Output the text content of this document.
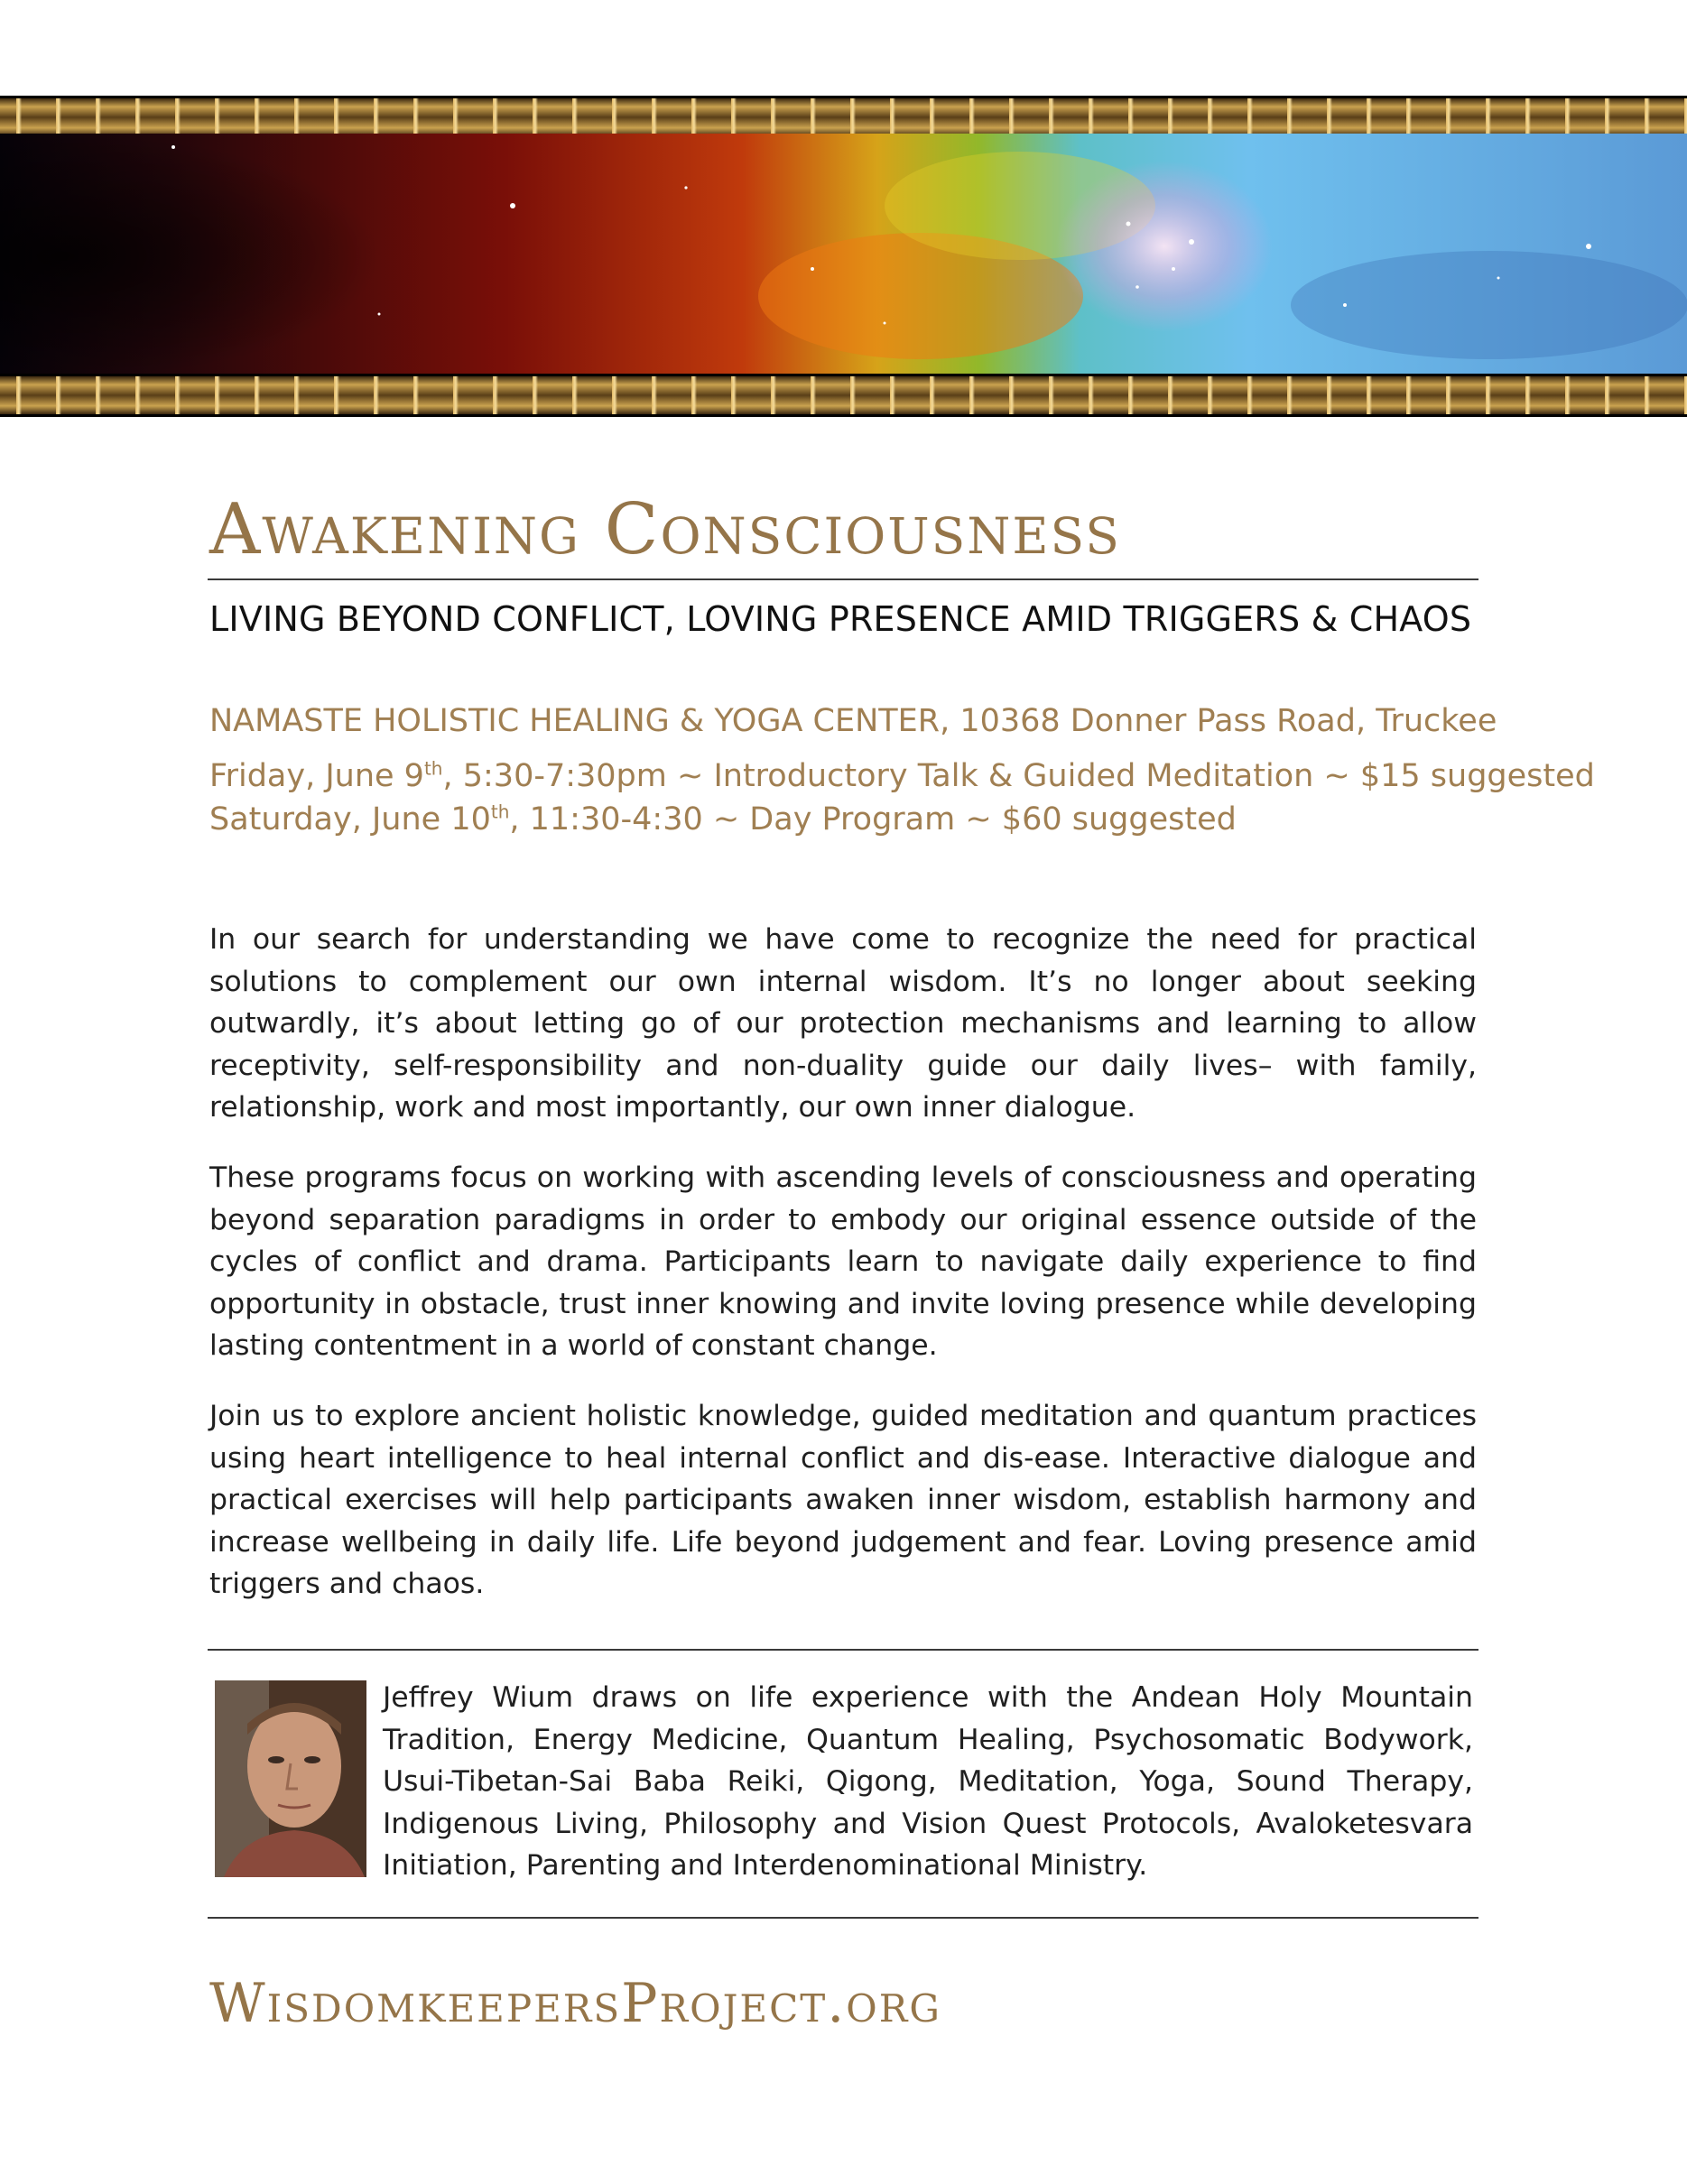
Awakening Consciousness
LIVING BEYOND CONFLICT, LOVING PRESENCE AMID TRIGGERS & CHAOS
NAMASTE HOLISTIC HEALING & YOGA CENTER, 10368 Donner Pass Road, Truckee
Friday, June 9th, 5:30-7:30pm ~ Introductory Talk & Guided Meditation ~ $15 suggested
Saturday, June 10th, 11:30-4:30 ~ Day Program ~ $60 suggested

In our search for understanding we have come to recognize the need for practical solutions to complement our own internal wisdom. It’s no longer about seeking outwardly, it’s about letting go of our protection mechanisms and learning to allow receptivity, self-responsibility and non-duality guide our daily lives– with family, relationship, work and most importantly, our own inner dialogue.

These programs focus on working with ascending levels of consciousness and operating beyond separation paradigms in order to embody our original essence outside of the cycles of conflict and drama. Participants learn to navigate daily experience to find opportunity in obstacle, trust inner knowing and invite loving presence while developing lasting contentment in a world of constant change.

Join us to explore ancient holistic knowledge, guided meditation and quantum practices using heart intelligence to heal internal conflict and dis-ease. Interactive dialogue and practical exercises will help participants awaken inner wisdom, establish harmony and increase wellbeing in daily life. Life beyond judgement and fear. Loving presence amid triggers and chaos.

Jeffrey Wium draws on life experience with the Andean Holy Mountain Tradition, Energy Medicine, Quantum Healing, Psychosomatic Bodywork, Usui-Tibetan-Sai Baba Reiki, Qigong, Meditation, Yoga, Sound Therapy, Indigenous Living, Philosophy and Vision Quest Protocols, Avaloketesvara Initiation, Parenting and Interdenominational Ministry.

WisdomkeepersProject.org
